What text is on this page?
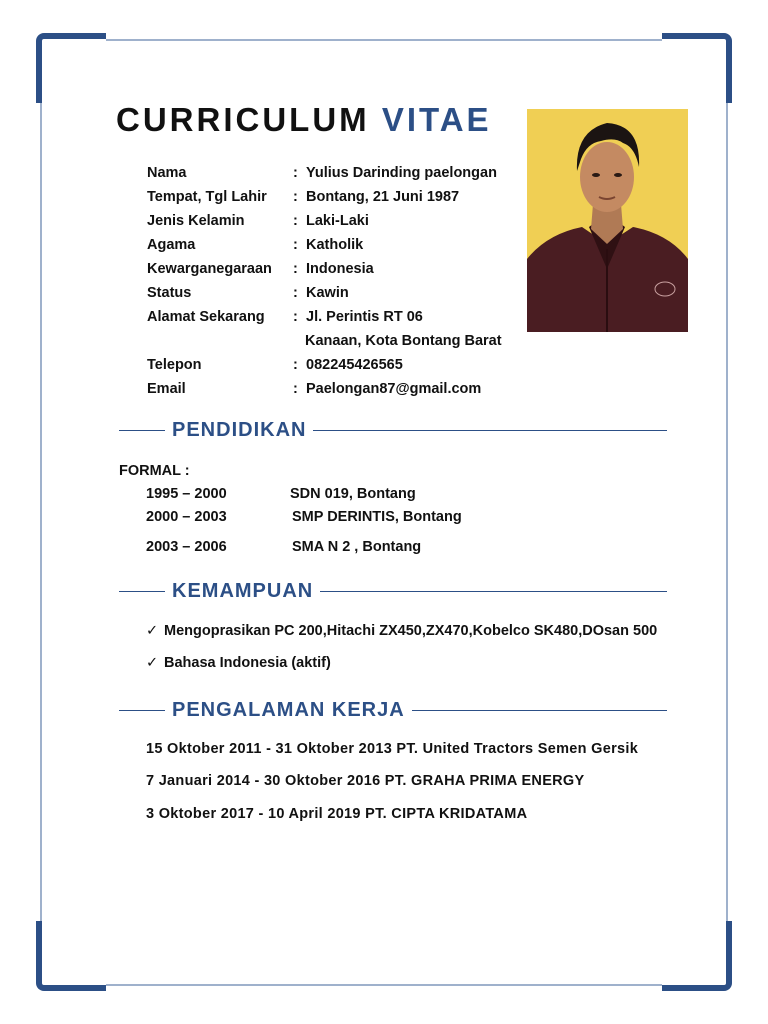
CURRICULUM VITAE
Nama	: Yulius Darinding paelongan
Tempat, Tgl Lahir	: Bontang, 21 Juni 1987
Jenis Kelamin	: Laki-Laki
Agama	: Katholik
Kewarganegaraan	: Indonesia
Status	: Kawin
Alamat Sekarang	: Jl. Perintis RT 06
Kanaan, Kota Bontang Barat
Telepon	: 082245426565
Email	: Paelongan87@gmail.com
PENDIDIKAN
FORMAL :
1995 – 2000	SDN 019, Bontang
2000 – 2003	SMP DERINTIS, Bontang
2003 – 2006	SMA N 2 , Bontang
KEMAMPUAN
✓ Mengoprasikan PC 200,Hitachi ZX450,ZX470,Kobelco SK480,DOsan 500
✓ Bahasa Indonesia (aktif)
PENGALAMAN KERJA
15 Oktober 2011 - 31 Oktober 2013 PT. United Tractors Semen Gersik
7 Januari 2014 - 30 Oktober 2016 PT. GRAHA PRIMA ENERGY
3 Oktober 2017 - 10 April 2019 PT. CIPTA KRIDATAMA
